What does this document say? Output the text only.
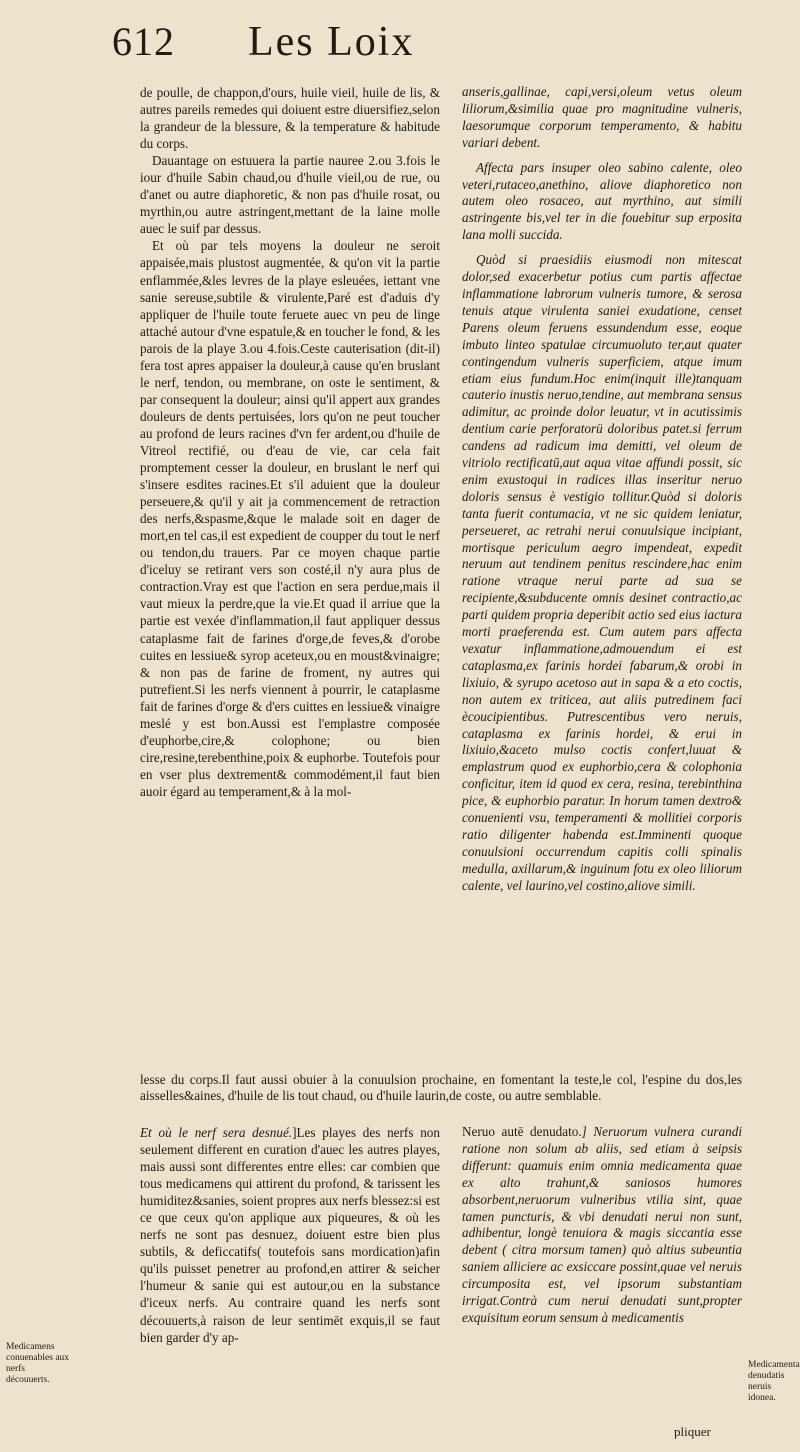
612 Les Loix

de poulle, de chappon,d'ours, huile vieil, huile de lis, & autres pareils remedes qui doiuent estre diuersifiez,selon la grandeur de la blessure, & la temperature & habitude du corps.

Dauantage on estuuera la partie nauree 2.ou 3.fois le iour d'huile Sabin chaud,ou d'huile vieil,ou de rue, ou d'anet ou autre diaphoretic, & non pas d'huile rosat, ou myrthin,ou autre astringent,mettant de la laine molle auec le suif par dessus.

Et où par tels moyens la douleur ne seroit appaisée,mais plustost augmentée, & qu'on vit la partie enflammée,&les levres de la playe esleuées, iettant vne sanie sereuse,subtile & virulente,Paré est d'aduis d'y appliquer de l'huile toute feruete auec vn peu de linge attaché autour d'vne espatule,& en toucher le fond, & les parois de la playe 3.ou 4.fois.Ceste cauterisation (dit-il) fera tost apres appaiser la douleur,à cause qu'en bruslant le nerf, tendon, ou membrane, on oste le sentiment, & par consequent la douleur; ainsi qu'il appert aux grandes douleurs de dents pertuisées, lors qu'on ne peut toucher au profond de leurs racines d'vn fer ardent,ou d'huile de Vitreol rectifié, ou d'eau de vie, car cela fait promptement cesser la douleur, en bruslant le nerf qui s'insere esdites racines.Et s'il aduient que la douleur perseuere,& qu'il y ait ja commencement de retraction des nerfs,&spasme,&que le malade soit en dager de mort,en tel cas,il est expedient de coupper du tout le nerf ou tendon,du trauers. Par ce moyen chaque partie d'iceluy se retirant vers son costé,il n'y aura plus de contraction.Vray est que l'action en sera perdue,mais il vaut mieux la perdre,que la vie.Et quad il arriue que la partie est vexée d'inflammation,il faut appliquer dessus cataplasme fait de farines d'orge,de feves,& d'orobe cuites en lessiue& syrop aceteux,ou en moust&vinaigre; & non pas de farine de froment, ny autres qui putrefient.Si les nerfs viennent à pourrir, le cataplasme fait de farines d'orge & d'ers cuittes en lessiue& vinaigre meslé y est bon.Aussi est l'emplastre composée d'euphorbe,cire,& colophone; ou bien cire,resine,terebenthine,poix & euphorbe. Toutefois pour en vser plus dextrement& commodément,il faut bien auoir égard au temperament,& à la mol-

anseris,gallinae, capi,versi,oleum vetus oleum liliorum,&similia quae pro magnitudine vulneris, laesorumque corporum temperamento, & habitu variari debent.

Affecta pars insuper oleo sabino calente, oleo veteri,rutaceo,anethino, aliove diaphoretico non autem oleo rosaceo, aut myrthino, aut simili astringente bis,vel ter in die fouebitur sup erposita lana molli succida.

Quòd si praesidiis eiusmodi non mitescat dolor,sed exacerbetur potius cum partis affectae inflammatione labrorum vulneris tumore, & serosa tenuis atque virulenta saniei exudatione, censet Parens oleum feruens essundendum esse, eoque imbuto linteo spatulae circumuoluto ter,aut quater contingendum vulneris superficiem, atque imum etiam eius fundum.Hoc enim(inquit ille)tanquam cauterio inustis neruo,tendine, aut membrana sensus adimitur, ac proinde dolor leuatur, vt in acutissimis dentium carie perforatorü doloribus patet.si ferrum candens ad radicum ima demitti, vel oleum de vitriolo rectificatū,aut aqua vitae affundi possit, sic enim exustoqui in radices illas inseritur neruo doloris sensus è vestigio tollitur.Quòd si doloris tanta fuerit contumacia, vt ne sic quidem leniatur, perseueret, ac retrahi nerui conuulsique incipiant, mortisque periculum aegro impendeat, expedit neruum aut tendinem penitus rescindere,hac enim ratione vtraque nerui parte ad sua se recipiente,&subducente omnis desinet contractio,ac parti quidem propria deperibit actio sed eius iactura morti praeferenda est. Cum autem pars affecta vexatur inflammatione,admouendum ei est cataplasma,ex farinis hordei fabarum,& orobi in lixiuio, & syrupo acetoso aut in sapa & a eto coctis, non autem ex triticea, aut aliis putredinem faci ècoucipientibus. Putrescentibus vero neruis, cataplasma ex farinis hordei, & erui in lixiuio,&aceto mulso coctis confert,luuat & emplastrum quod ex euphorbio,cera & colophonia conficitur, item id quod ex cera, resina, terebinthina pice, & euphorbio paratur. In horum tamen dextro& conuenienti vsu, temperamenti & mollitiei corporis ratio diligenter habenda est.Imminenti quoque conuulsioni occurrendum capitis colli spinalis medulla, axillarum,& inguinum fotu ex oleo liliorum calente, vel laurino,vel costino,aliove simili.

lesse du corps.Il faut aussi obuier à la conuulsion prochaine, en fomentant la teste,le col, l'espine du dos,les aisselles&aines, d'huile de lis tout chaud, ou d'huile laurin,de coste, ou autre semblable.

Et où le nerf sera desnué.]Les playes des nerfs non seulement different en curation d'auec les autres playes, mais aussi sont differentes entre elles: car combien que tous medicamens qui attirent du profond, & tarissent les humiditez&sanies, soient propres aux nerfs blessez:si est ce que ceux qu'on applique aux piqueures, & où les nerfs ne sont pas desnuez, doiuent estre bien plus subtils, & deficcatifs( toutefois sans mordication)afin qu'ils puisset penetrer au profond,en attirer & seicher l'humeur & sanie qui est autour,ou en la substance d'iceux nerfs. Au contraire quand les nerfs sont découuerts,à raison de leur sentimēt exquis,il se faut bien garder d'y ap-

Neruo autē denudato.] Neruorum vulnera curandi ratione non solum ab aliis, sed etiam à seipsis differunt: quamuis enim omnia medicamenta quae ex alto trahunt,& saniosos humores absorbent,neruorum vulneribus vtilia sint, quae tamen puncturis, & vbi denudati nerui non sunt, adhibentur, longè tenuiora & magis siccantia esse debent ( citra morsum tamen) quò altius subeuntia saniem alliciere ac exsiccare possint,quae vel neruis circumposita est, vel ipsorum substantiam irrigat.Contrà cum nerui denudati sunt,propter exquisitum eorum sensum à medicamentis

Medicamens conuenables aux nerfs découuerts.
Medicamenta denudatis neruis idonea.
pliquer
